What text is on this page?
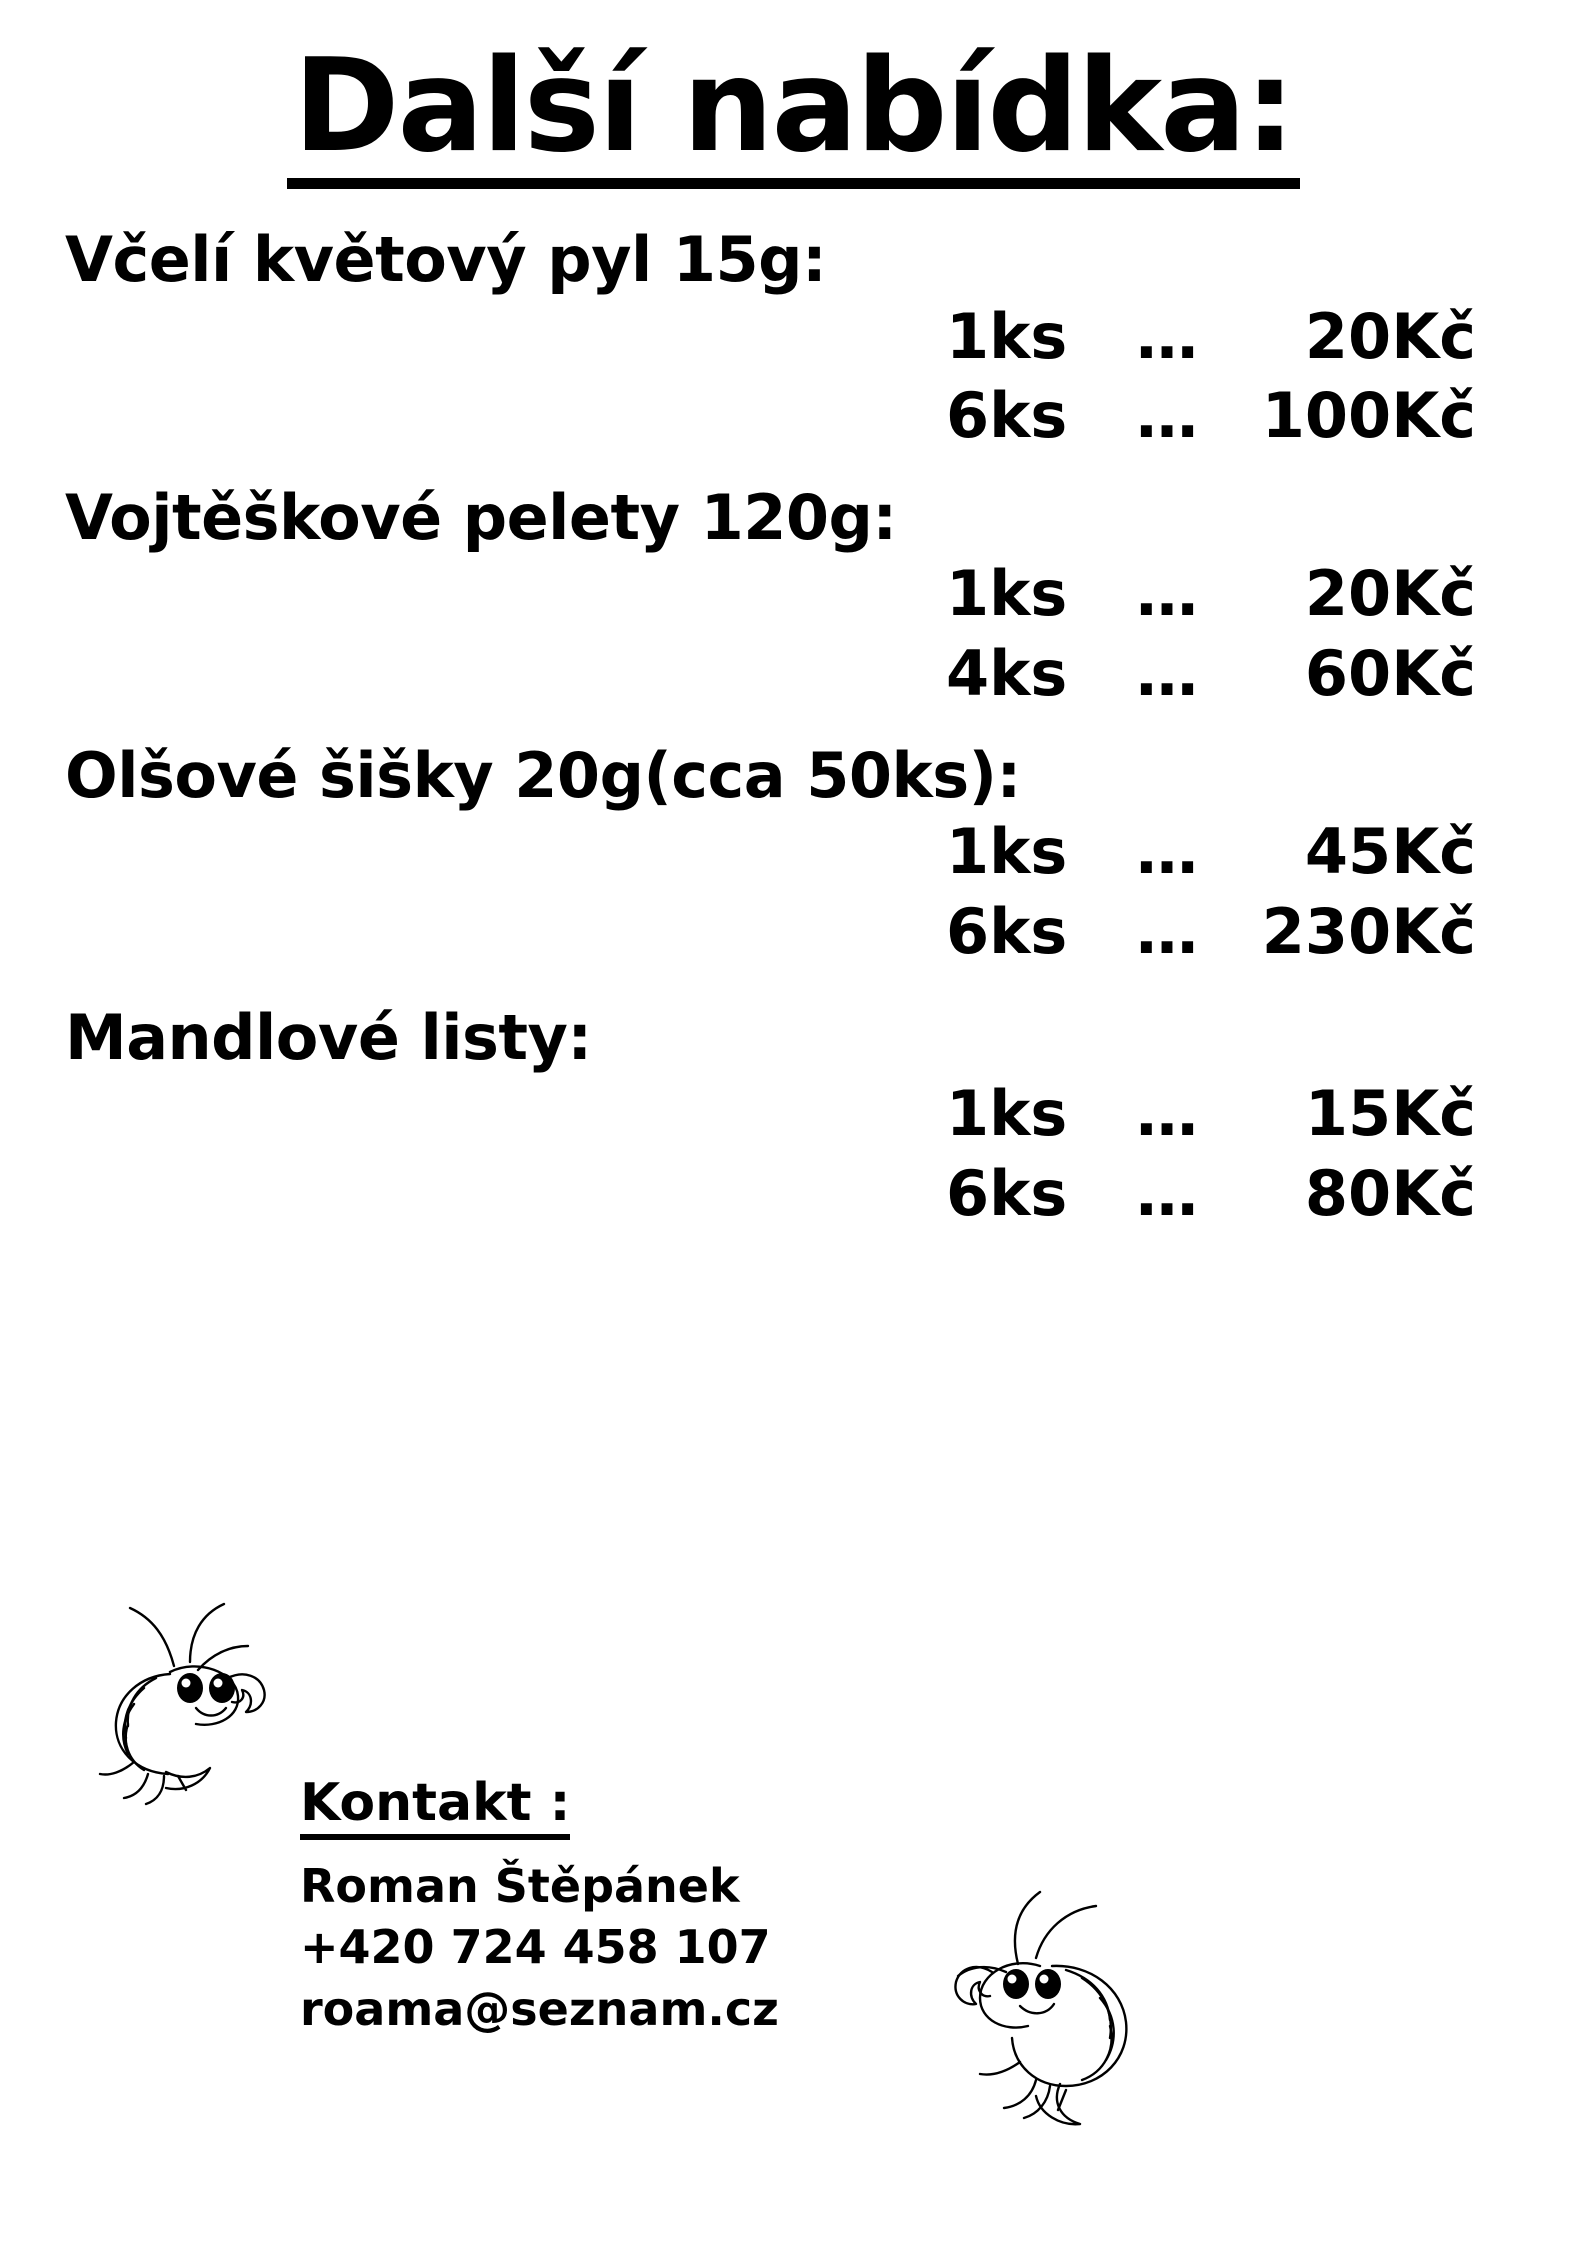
Další nabídka:
Včelí květový pyl 15g:
1ks	…	20Kč
6ks	…	100Kč
Vojtěškové pelety 120g:
1ks	…	20Kč
4ks	…	60Kč
Olšové šišky 20g(cca 50ks):
1ks	…	45Kč
6ks	…	230Kč
Mandlové listy:
1ks	…	15Kč
6ks	…	80Kč
Kontakt :
Roman Štěpánek
+420 724 458 107
roama@seznam.cz
